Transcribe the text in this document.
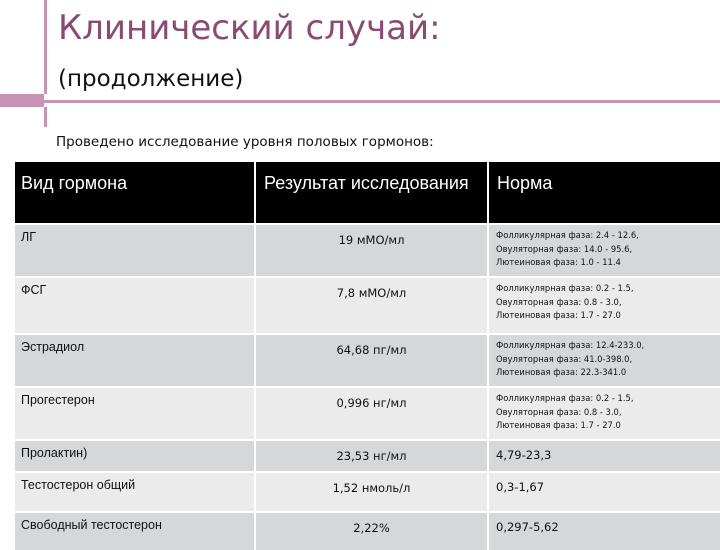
Клинический случай:
(продолжение)
Проведено исследование уровня половых гормонов:
Вид гормона	Результат исследования	Норма
ЛГ	19 мМО/мл	Фолликулярная фаза: 2.4 - 12.6,
Овуляторная фаза: 14.0 - 95.6,
Лютеиновая фаза: 1.0 - 11.4

ФСГ	7,8 мМО/мл	Фолликулярная фаза: 0.2 - 1.5,
Овуляторная фаза: 0.8 - 3.0,
Лютеиновая фаза: 1.7 - 27.0

Эстрадиол	64,68 пг/мл	Фолликулярная фаза: 12.4-233.0,
Овуляторная фаза: 41.0-398.0,
Лютеиновая фаза: 22.3-341.0

Прогестерон	0,996 нг/мл	Фолликулярная фаза: 0.2 - 1.5,
Овуляторная фаза: 0.8 - 3.0,
Лютеиновая фаза: 1.7 - 27.0

Пролактин)	23,53 нг/мл	4,79-23,3
Тестостерон общий	1,52 нмоль/л	0,3-1,67
Свободный тестостерон	2,22%	0,297-5,62
